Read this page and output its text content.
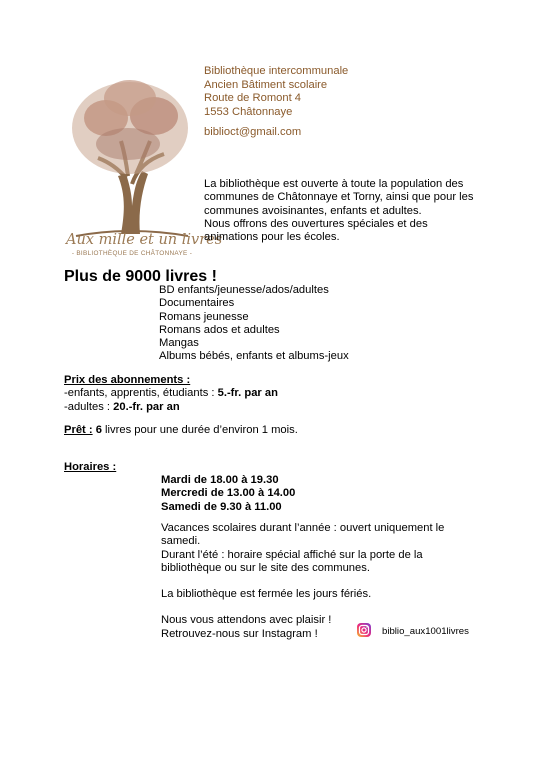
Aux mille et un livres
- BIBLIOTHÈQUE DE CHÂTONNAYE -
Bibliothèque intercommunale
Ancien Bâtiment scolaire
Route de Romont 4
1553 Châtonnaye
biblioct@gmail.com
La bibliothèque est ouverte à toute la population des
communes de Châtonnaye et Torny, ainsi que pour les
communes avoisinantes, enfants et adultes.
Nous offrons des ouvertures spéciales et des
animations pour les écoles.
Plus de 9000 livres !
BD enfants/jeunesse/ados/adultes
Documentaires
Romans jeunesse
Romans ados et adultes
Mangas
Albums bébés, enfants et albums-jeux
Prix des abonnements :
-enfants, apprentis, étudiants : 5.-fr. par an
-adultes : 20.-fr. par an
Prêt : 6 livres pour une durée d’environ 1 mois.
Horaires :
Mardi de 18.00 à 19.30
Mercredi de 13.00 à 14.00
Samedi de 9.30 à 11.00
Vacances scolaires durant l’année : ouvert uniquement le
samedi.
Durant l’été : horaire spécial affiché sur la porte de la
bibliothèque ou sur le site des communes.
La bibliothèque est fermée les jours fériés.
Nous vous attendons avec plaisir !
Retrouvez-nous sur Instagram !	biblio_aux1001livres
